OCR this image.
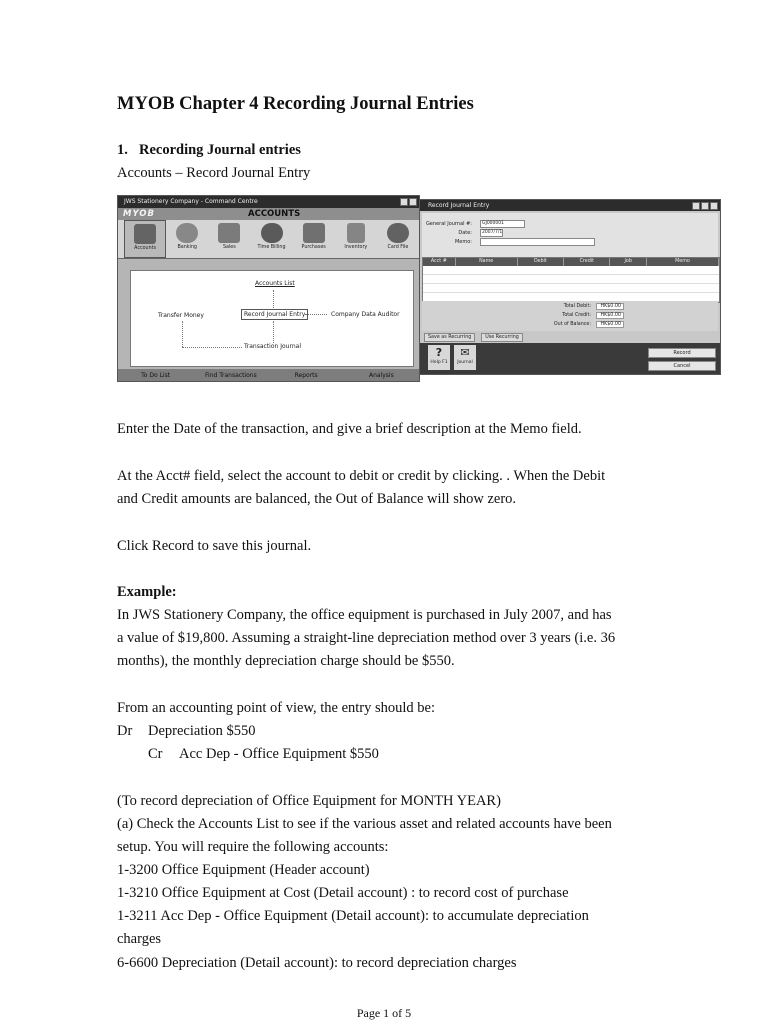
MYOB Chapter 4 Recording Journal Entries
1. Recording Journal entries
Accounts – Record Journal Entry
JWS Stationery Company - Command Centre
MYOB	ACCOUNTS
Accounts	Banking	Sales	Time Billing	Purchases	Inventory	Card File
Accounts List
Transfer Money	Record Journal Entry	Company Data Auditor
Transaction Journal
To Do List	Find Transactions	Reports	Analysis
Record Journal Entry
General Journal #:	GJ000001
Date:	2007/7/1
Memo:
Acct #	Name	Debit	Credit	Job	Memo
Total Debit:	HK$0.00
Total Credit:	HK$0.00
Out of Balance:	HK$0.00
Save as Recurring	Use Recurring
?
Help F1
✉
Journal
Record
Cancel

Enter the Date of the transaction, and give a brief description at the Memo field.

At the Acct# field, select the account to debit or credit by clicking. . When the Debit

and Credit amounts are balanced, the Out of Balance will show zero.

Click Record to save this journal.

Example:

In JWS Stationery Company, the office equipment is purchased in July 2007, and has

a value of $19,800. Assuming a straight-line depreciation method over 3 years (i.e. 36

months), the monthly depreciation charge should be $550.

From an accounting point of view, the entry should be:

Dr Depreciation $550

Cr Acc Dep - Office Equipment $550

(To record depreciation of Office Equipment for MONTH YEAR)

(a) Check the Accounts List to see if the various asset and related accounts have been

setup. You will require the following accounts:

1-3200 Office Equipment (Header account)

1-3210 Office Equipment at Cost (Detail account) : to record cost of purchase

1-3211 Acc Dep - Office Equipment (Detail account): to accumulate depreciation

charges

6-6600 Depreciation (Detail account): to record depreciation charges

Page 1 of 5
